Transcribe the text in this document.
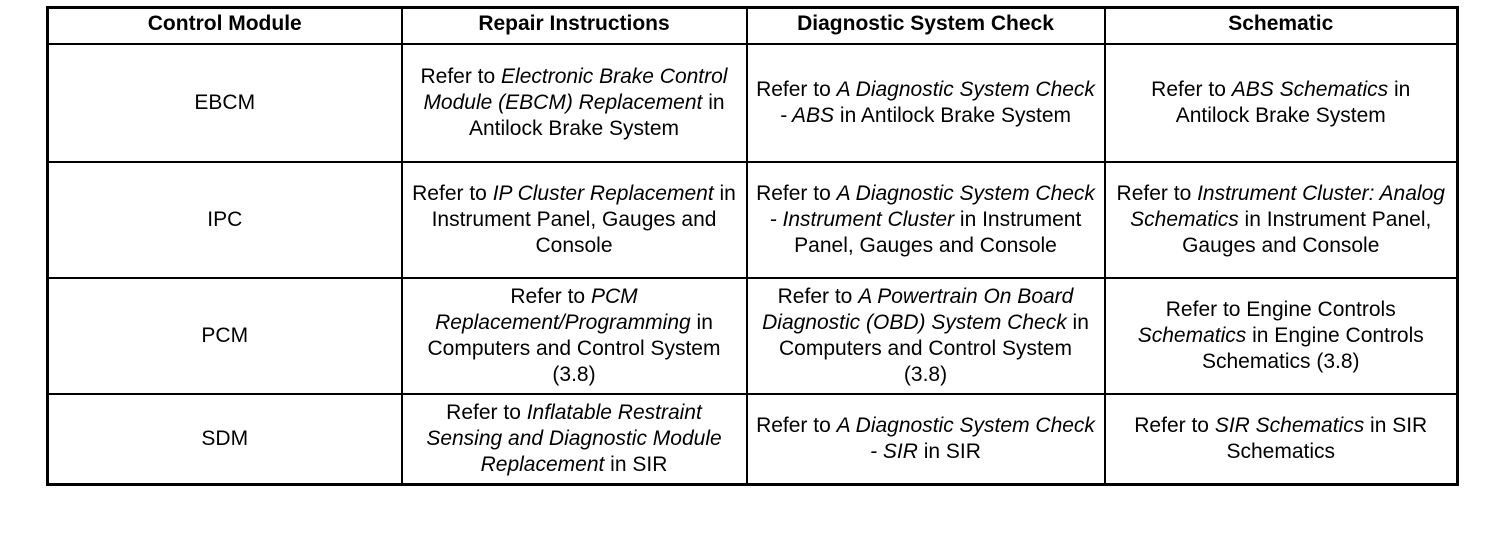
Control Module	Repair Instructions	Diagnostic System Check	Schematic
EBCM	Refer to Electronic Brake Control Module (EBCM) Replacement in Antilock Brake System	Refer to A Diagnostic System Check - ABS in Antilock Brake System	Refer to ABS Schematics in Antilock Brake System
IPC	Refer to IP Cluster Replacement in Instrument Panel, Gauges and Console	Refer to A Diagnostic System Check - Instrument Cluster in Instrument Panel, Gauges and Console	Refer to Instrument Cluster: Analog Schematics in Instrument Panel, Gauges and Console
PCM	Refer to PCM Replacement/Programming in Computers and Control System (3.8)	Refer to A Powertrain On Board Diagnostic (OBD) System Check in Computers and Control System (3.8)	Refer to Engine Controls Schematics in Engine Controls Schematics (3.8)
SDM	Refer to Inflatable Restraint Sensing and Diagnostic Module Replacement in SIR	Refer to A Diagnostic System Check - SIR in SIR	Refer to SIR Schematics in SIR Schematics
